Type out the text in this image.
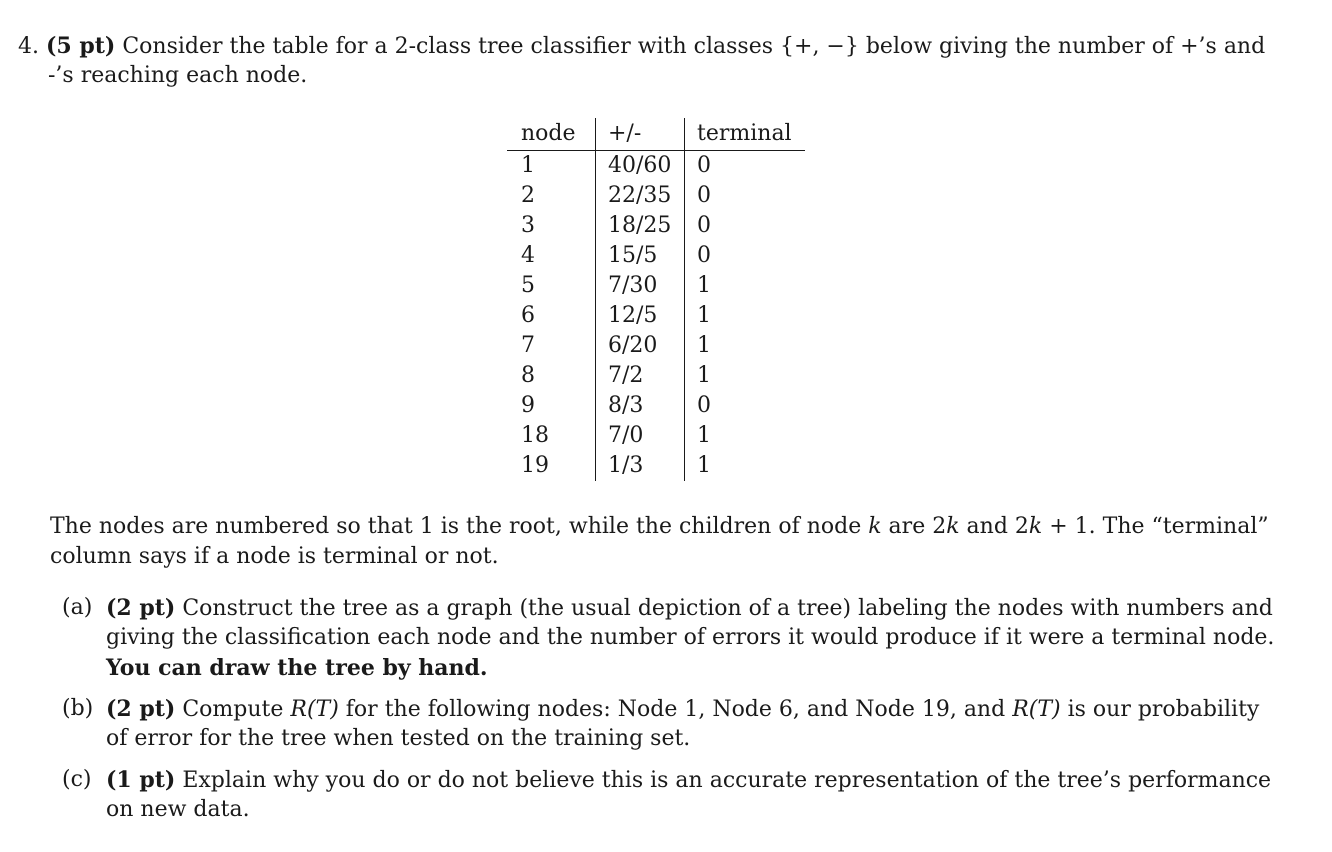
4. (5 pt) Consider the table for a 2-class tree classifier with classes {+, −} below giving the number of +’s and
-’s reaching each node.
node	+/-	terminal
1	40/60	0
2	22/35	0
3	18/25	0
4	15/5	0
5	7/30	1
6	12/5	1
7	6/20	1
8	7/2	1
9	8/3	0
18	7/0	1
19	1/3	1
The nodes are numbered so that 1 is the root, while the children of node k are 2k and 2k + 1. The “terminal”
column says if a node is terminal or not.
(a) (2 pt) Construct the tree as a graph (the usual depiction of a tree) labeling the nodes with numbers and
giving the classification each node and the number of errors it would produce if it were a terminal node.
You can draw the tree by hand.
(b) (2 pt) Compute R(T) for the following nodes: Node 1, Node 6, and Node 19, and R(T) is our probability
of error for the tree when tested on the training set.
(c) (1 pt) Explain why you do or do not believe this is an accurate representation of the tree’s performance
on new data.
